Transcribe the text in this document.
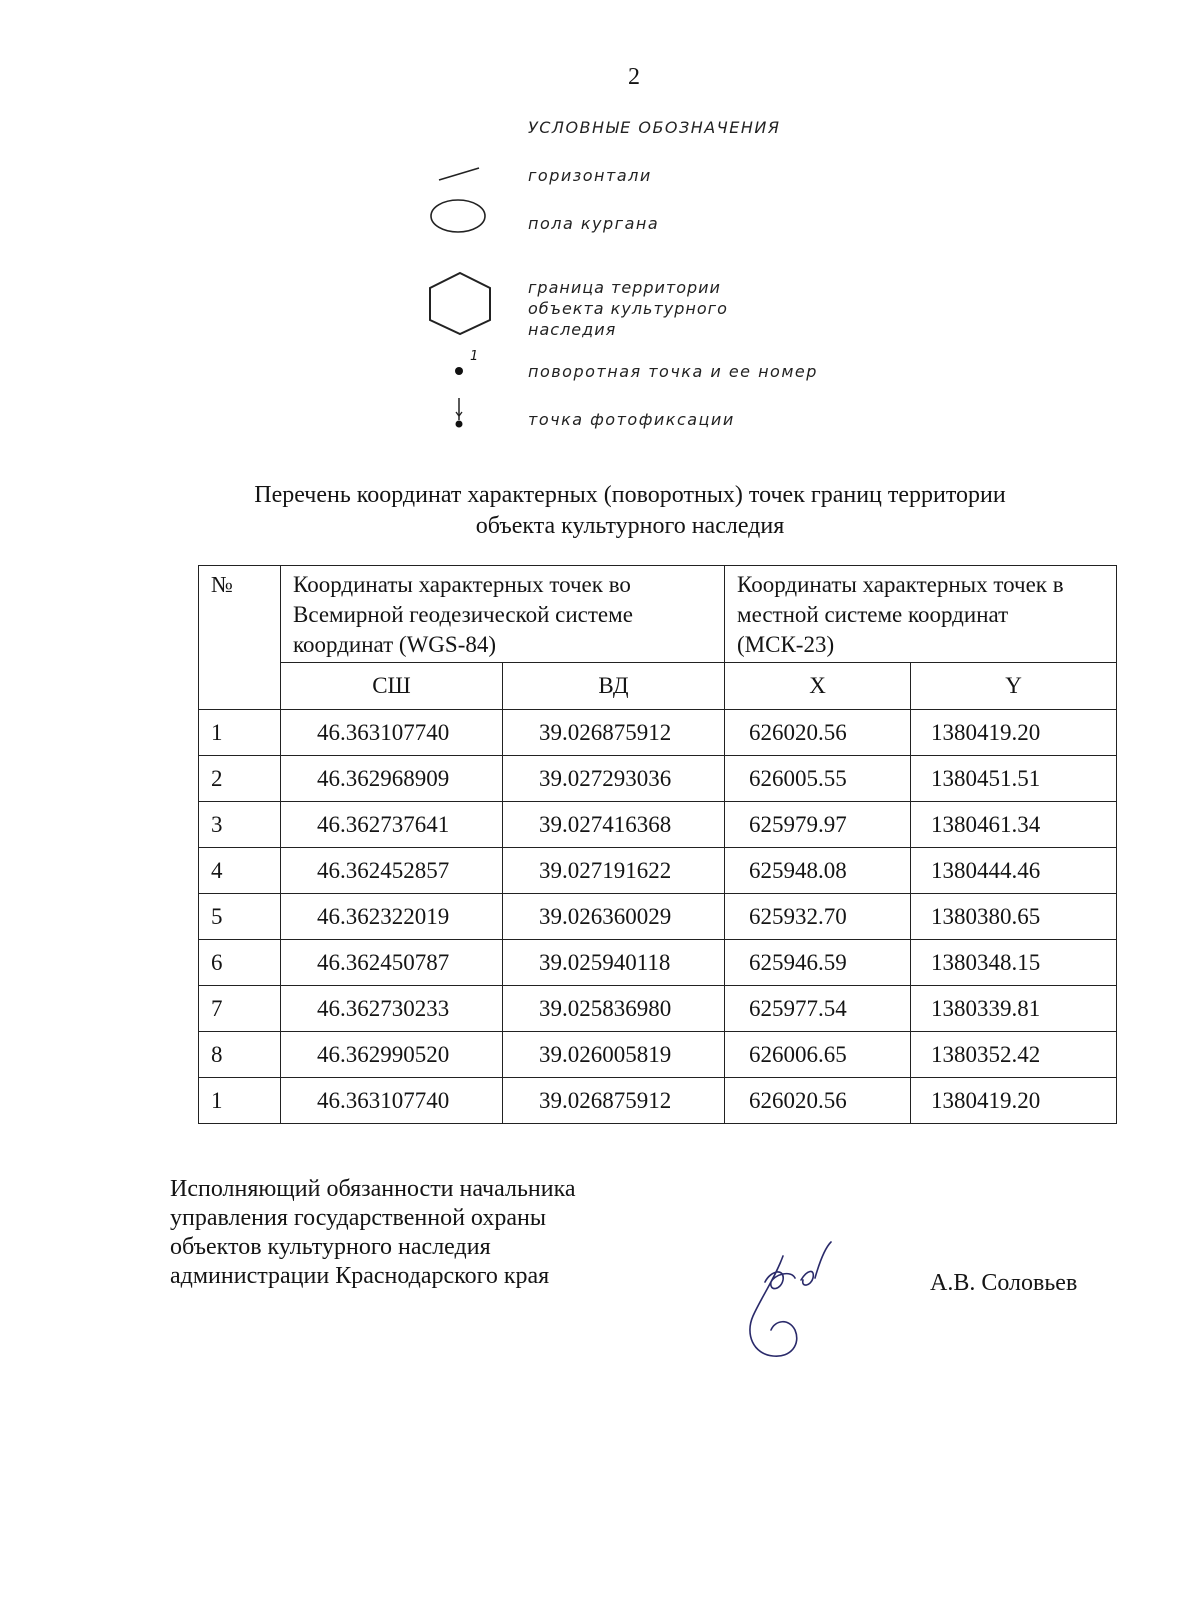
2
УСЛОВНЫЕ ОБОЗНАЧЕНИЯ
горизонтали
пола кургана
граница территории
объекта культурного
наследия
1
поворотная точка и ее номер
точка фотофиксации
Перечень координат характерных (поворотных) точек границ территории
объекта культурного наследия
№	Координаты характерных точек во Всемирной геодезической системе координат (WGS-84)		Координаты характерных точек в местной системе координат (МСК-23)	
	СШ	ВД	X	Y
1	46.363107740	39.026875912	626020.56	1380419.20
2	46.362968909	39.027293036	626005.55	1380451.51
3	46.362737641	39.027416368	625979.97	1380461.34
4	46.362452857	39.027191622	625948.08	1380444.46
5	46.362322019	39.026360029	625932.70	1380380.65
6	46.362450787	39.025940118	625946.59	1380348.15
7	46.362730233	39.025836980	625977.54	1380339.81
8	46.362990520	39.026005819	626006.65	1380352.42
1	46.363107740	39.026875912	626020.56	1380419.20
Исполняющий обязанности начальника
управления государственной охраны
объектов культурного наследия
администрации Краснодарского края	А.В. Соловьев
